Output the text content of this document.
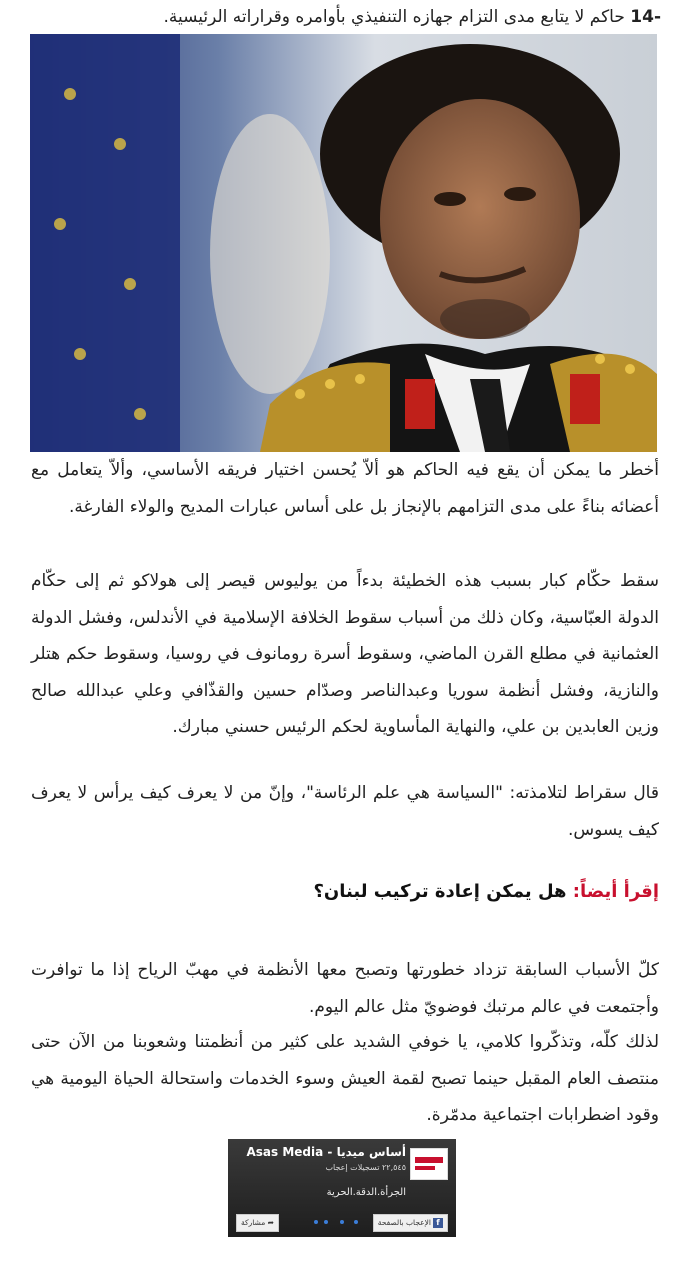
-14 حاكم لا يتابع مدى التزام جهازه التنفيذي بأوامره وقراراته الرئيسية.
أخطر ما يمكن أن يقع فيه الحاكم هو ألاّ يُحسن اختيار فريقه الأساسي، وألاّ يتعامل مع أعضائه بناءً على مدى التزامهم بالإنجاز بل على أساس عبارات المديح والولاء الفارغة.
سقط حكّام كبار بسبب هذه الخطيئة بدءاً من يوليوس قيصر إلى هولاكو ثم إلى حكّام الدولة العبّاسية، وكان ذلك من أسباب سقوط الخلافة الإسلامية في الأندلس، وفشل الدولة العثمانية في مطلع القرن الماضي، وسقوط أسرة رومانوف في روسيا، وسقوط حكم هتلر والنازية، وفشل أنظمة سوريا وعبدالناصر وصدّام حسين والقذّافي وعلي عبدالله صالح وزين العابدين بن علي، والنهاية المأساوية لحكم الرئيس حسني مبارك.
قال سقراط لتلامذته: "السياسة هي علم الرئاسة"، وإنّ من لا يعرف كيف يرأس لا يعرف كيف يسوس.
إقرأ أيضاً: هل يمكن إعادة تركيب لبنان؟
كلّ الأسباب السابقة تزداد خطورتها وتصبح معها الأنظمة في مهبّ الرياح إذا ما توافرت وأجتمعت في عالم مرتبك فوضويّ مثل عالم اليوم.
لذلك كلّه، وتذكّروا كلامي، يا خوفي الشديد على كثير من أنظمتنا وشعوبنا من الآن حتى منتصف العام المقبل حينما تصبح لقمة العيش وسوء الخدمات واستحالة الحياة اليومية هي وقود اضطرابات اجتماعية مدمّرة.
أساس ميديا - Asas Media
٢٢,٥٤٥ تسجيلات إعجاب
الجرأة.الدقة.الحرية
fالإعجاب بالصفحة
➦ مشاركة
